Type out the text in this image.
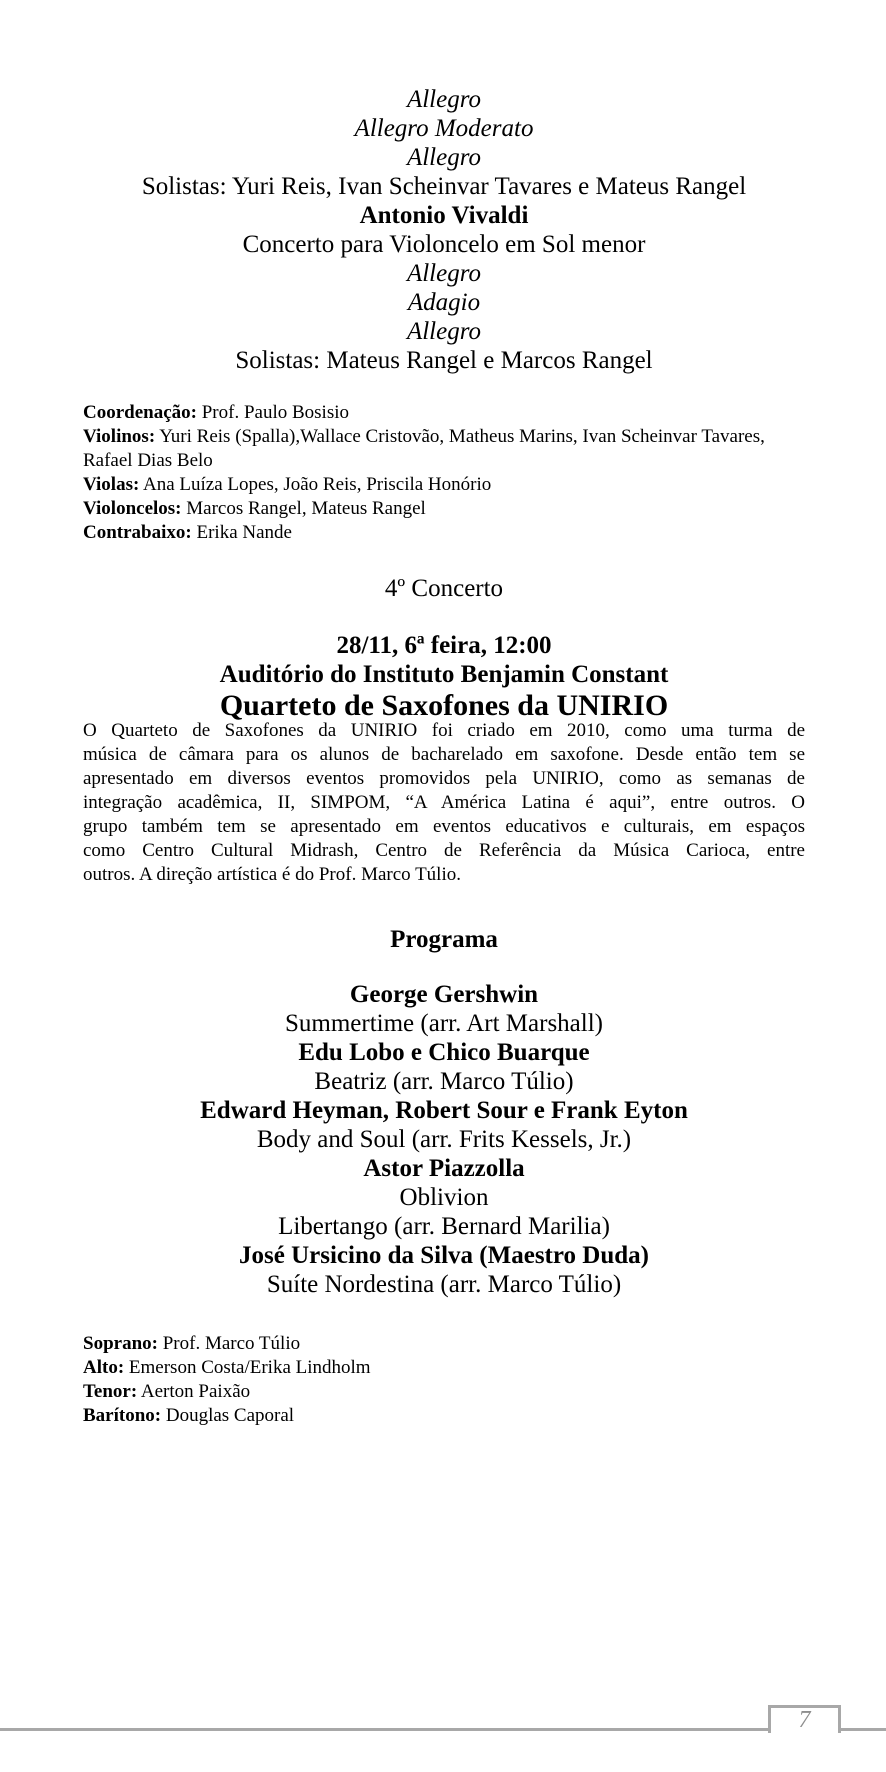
Allegro
Allegro Moderato
Allegro
Solistas: Yuri Reis, Ivan Scheinvar Tavares e Mateus Rangel
Antonio Vivaldi
Concerto para Violoncelo em Sol menor
Allegro
Adagio
Allegro
Solistas: Mateus Rangel e Marcos Rangel
Coordenação: Prof. Paulo Bosisio
Violinos: Yuri Reis (Spalla),Wallace Cristovão, Matheus Marins, Ivan Scheinvar Tavares, Rafael Dias Belo
Violas: Ana Luíza Lopes, João Reis, Priscila Honório
Violoncelos: Marcos Rangel, Mateus Rangel
Contrabaixo: Erika Nande
4º Concerto
28/11, 6ª feira, 12:00
Auditório do Instituto Benjamin Constant
Quarteto de Saxofones da UNIRIO
O Quarteto de Saxofones da UNIRIO foi criado em 2010, como uma turma de
música de câmara para os alunos de bacharelado em saxofone. Desde então tem se
apresentado em diversos eventos promovidos pela UNIRIO, como as semanas de
integração acadêmica, II, SIMPOM, “A América Latina é aqui”, entre outros. O
grupo também tem se apresentado em eventos educativos e culturais, em espaços
como Centro Cultural Midrash, Centro de Referência da Música Carioca, entre
outros. A direção artística é do Prof. Marco Túlio.
Programa
George Gershwin
Summertime (arr. Art Marshall)
Edu Lobo e Chico Buarque
Beatriz (arr. Marco Túlio)
Edward Heyman, Robert Sour e Frank Eyton
Body and Soul (arr. Frits Kessels, Jr.)
Astor Piazzolla
Oblivion
Libertango (arr. Bernard Marilia)
José Ursicino da Silva (Maestro Duda)
Suíte Nordestina (arr. Marco Túlio)
Soprano: Prof. Marco Túlio
Alto: Emerson Costa/Erika Lindholm
Tenor: Aerton Paixão
Barítono: Douglas Caporal
7
